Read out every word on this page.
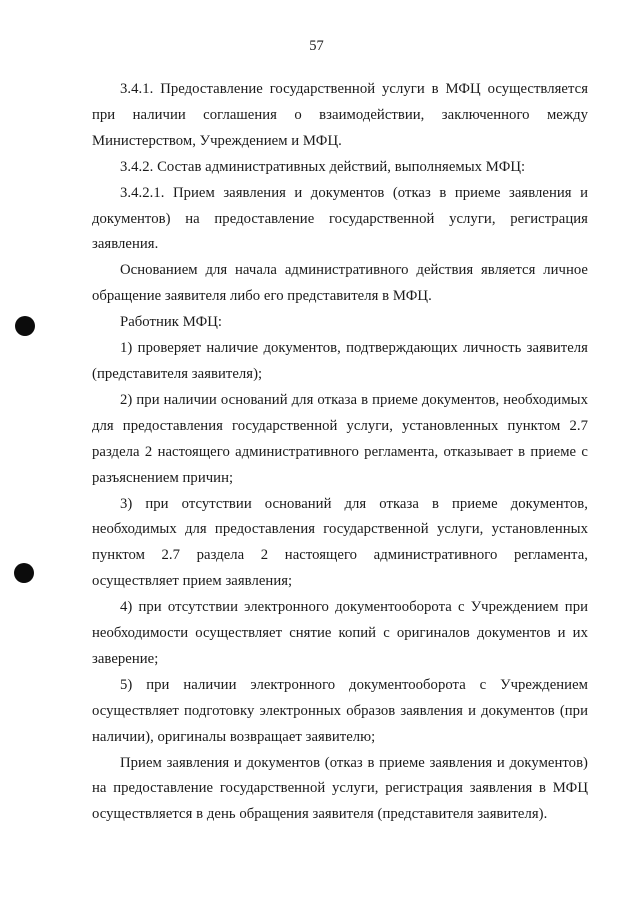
57

3.4.1. Предоставление государственной услуги в МФЦ осуществляется при наличии соглашения о взаимодействии, заключенного между Министерством, Учреждением и МФЦ.

3.4.2. Состав административных действий, выполняемых МФЦ:

3.4.2.1. Прием заявления и документов (отказ в приеме заявления и документов) на предоставление государственной услуги, регистрация заявления.

Основанием для начала административного действия является личное обращение заявителя либо его представителя в МФЦ.

Работник МФЦ:

1) проверяет наличие документов, подтверждающих личность заявителя (представителя заявителя);

2) при наличии оснований для отказа в приеме документов, необходимых для предоставления государственной услуги, установленных пунктом 2.7 раздела 2 настоящего административного регламента, отказывает в приеме с разъяснением причин;

3) при отсутствии оснований для отказа в приеме документов, необходимых для предоставления государственной услуги, установленных пунктом 2.7 раздела 2 настоящего административного регламента, осуществляет прием заявления;

4) при отсутствии электронного документооборота с Учреждением при необходимости осуществляет снятие копий с оригиналов документов и их заверение;

5) при наличии электронного документооборота с Учреждением осуществляет подготовку электронных образов заявления и документов (при наличии), оригиналы возвращает заявителю;

Прием заявления и документов (отказ в приеме заявления и документов) на предоставление государственной услуги, регистрация заявления в МФЦ осуществляется в день обращения заявителя (представителя заявителя).
